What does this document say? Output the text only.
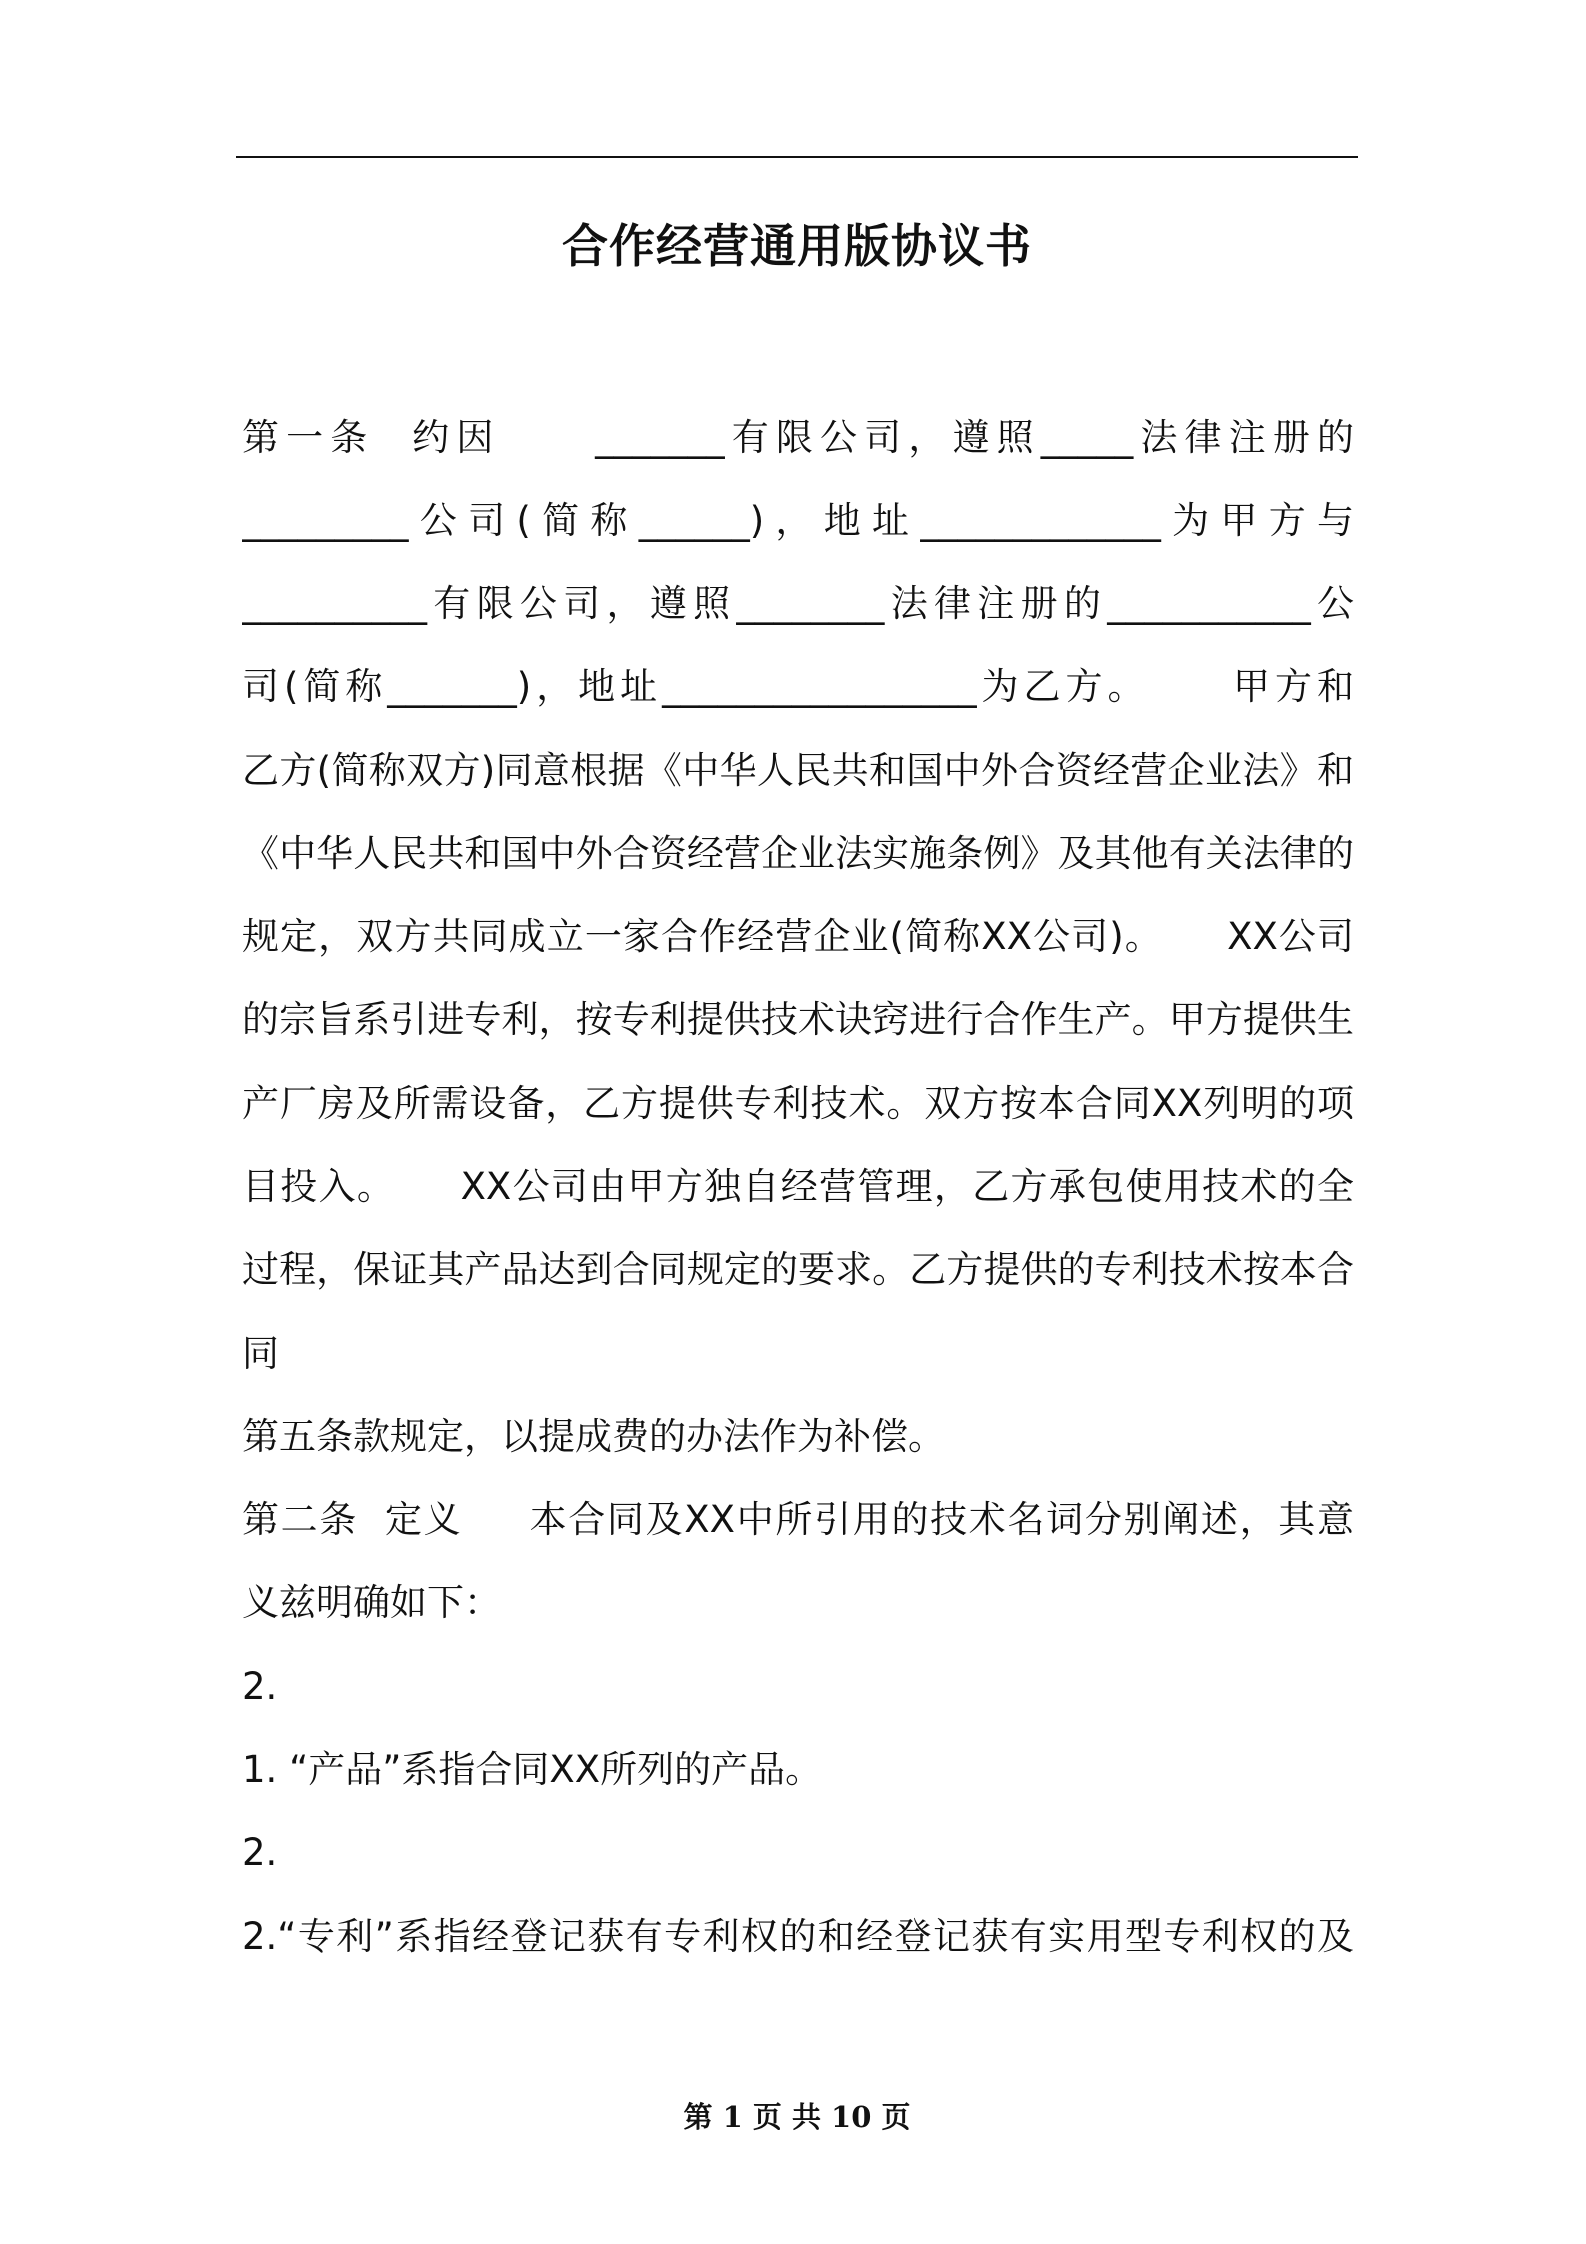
合作经营通用版协议书

第一条  约因     _______有限公司，遵照_____法律注册的

_________公司(简称______)，地址_____________为甲方与

__________有限公司，遵照________法律注册的___________公

司(简称_______)，地址_________________为乙方。     甲方和

乙方(简称双方)同意根据《中华人民共和国中外合资经营企业法》和

《中华人民共和国中外合资经营企业法实施条例》及其他有关法律的

规定，双方共同成立一家合作经营企业(简称XX公司)。     XX公司

的宗旨系引进专利，按专利提供技术诀窍进行合作生产。甲方提供生

产厂房及所需设备，乙方提供专利技术。双方按本合同XX列明的项

目投入。     XX公司由甲方独自经营管理，乙方承包使用技术的全

过程，保证其产品达到合同规定的要求。乙方提供的专利技术按本合

同

第五条款规定，以提成费的办法作为补偿。

第二条  定义     本合同及XX中所引用的技术名词分别阐述，其意

义兹明确如下：

2.

1. “产品”系指合同XX所列的产品。

2.

2.“专利”系指经登记获有专利权的和经登记获有实用型专利权的及

第 1 页 共 10 页
